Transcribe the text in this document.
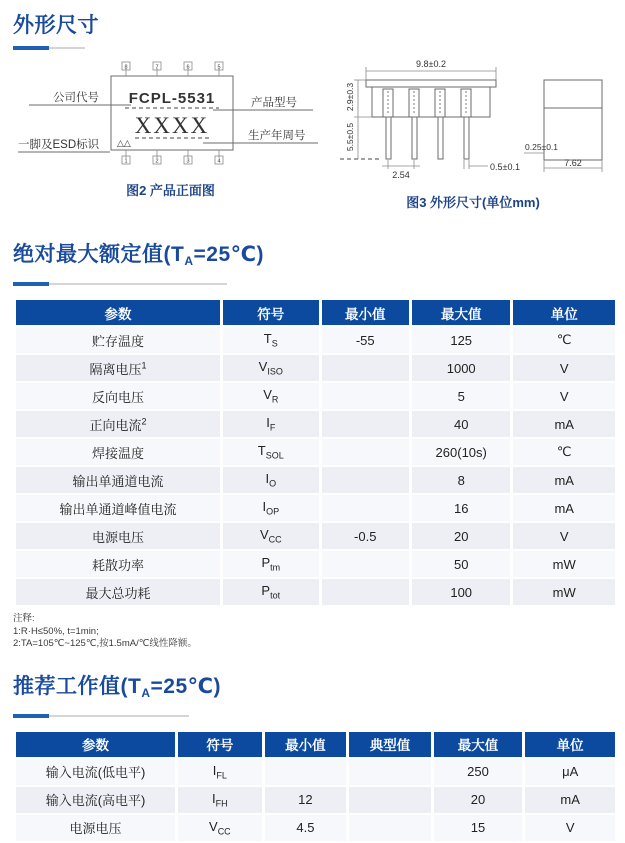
外形尺寸
8	7	6	5
1	2	3	4
FCPL-5531
XXXX
△△
公司代号	产品型号
生产年周号
一脚及ESD标识
图2 产品正面图
9.8±0.2
2.9±0.3
5.5±0.5
2.54
0.5±0.1
0.25±0.1
7.62
图3 外形尺寸(单位mm)
绝对最大额定值(TA=25℃)
参数	符号	最小值	最大值	单位
贮存温度	$T_S$	-55	125	℃
隔离电压$^1$	$V_{ISO}$		1000	V
反向电压	$V_R$		5	V
正向电流$^2$	$I_F$		40	mA
焊接温度	$T_{SOL}$		260(10s)	℃
输出单通道电流	$I_O$		8	mA
输出单通道峰值电流	$I_{OP}$		16	mA
电源电压	$V_{CC}$	-0.5	20	V
耗散功率	$P_{tm}$		50	mW
最大总功耗	$P_{tot}$		100	mW
注释:
1:R·H≤50%, t=1min;
2:TA=105℃~125℃,按1.5mA/℃线性降额。
推荐工作值(TA=25℃)
参数	符号	最小值	典型值	最大值	单位
输入电流(低电平)	$I_{FL}$			250	μA
输入电流(高电平)	$I_{FH}$	12		20	mA
电源电压	$V_{CC}$	4.5		15	V
